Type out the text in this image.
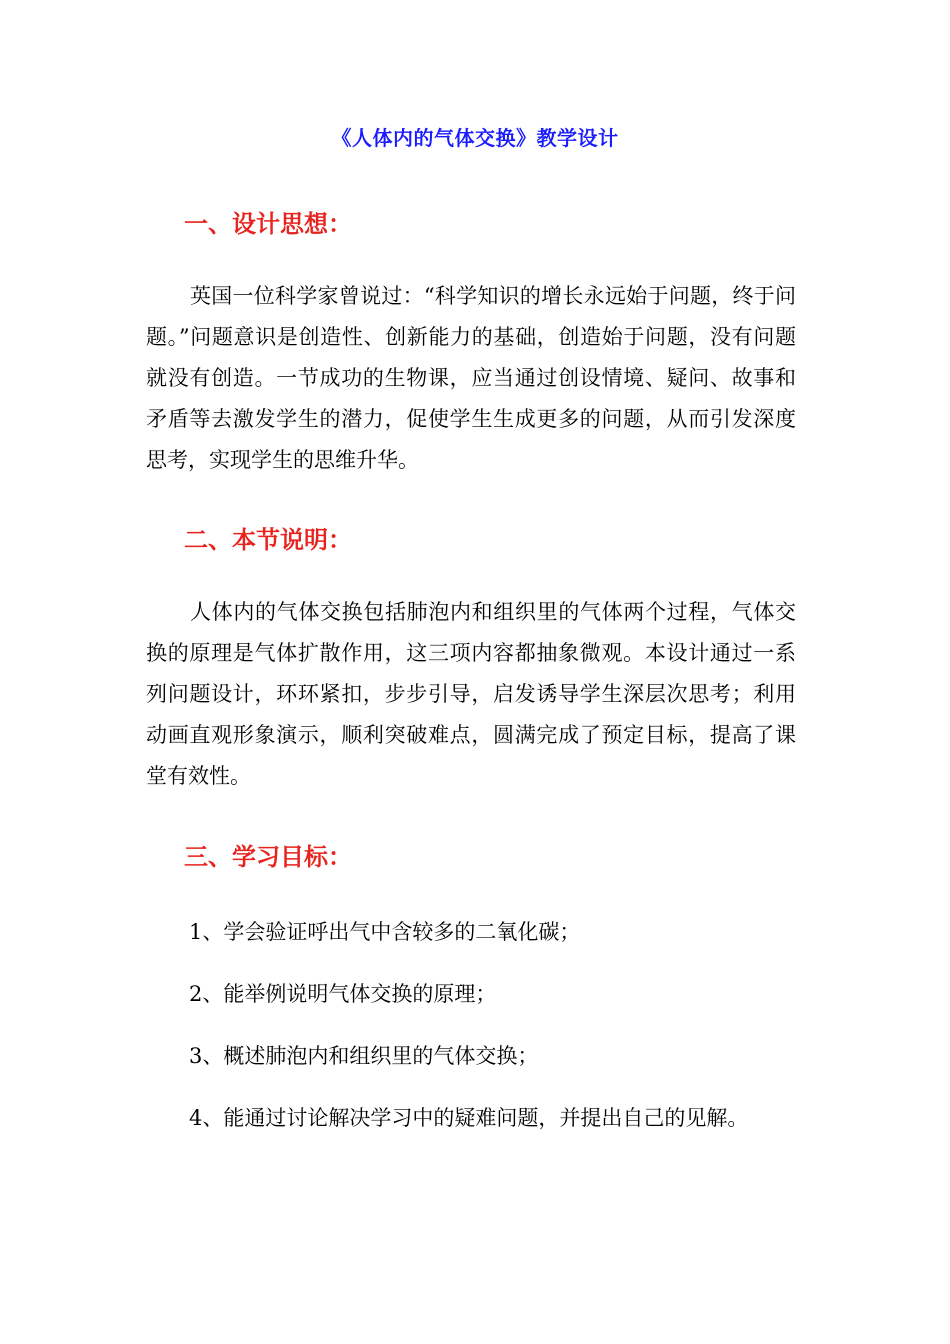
《人体内的气体交换》教学设计
一、设计思想：
英国一位科学家曾说过：“科学知识的增长永远始于问题，终于问题。”问题意识是创造性、创新能力的基础，创造始于问题，没有问题就没有创造。一节成功的生物课，应当通过创设情境、疑问、故事和矛盾等去激发学生的潜力，促使学生生成更多的问题，从而引发深度思考，实现学生的思维升华。
二、本节说明：
人体内的气体交换包括肺泡内和组织里的气体两个过程，气体交换的原理是气体扩散作用，这三项内容都抽象微观。本设计通过一系列问题设计，环环紧扣，步步引导，启发诱导学生深层次思考；利用动画直观形象演示，顺利突破难点，圆满完成了预定目标，提高了课堂有效性。
三、学习目标：
1、学会验证呼出气中含较多的二氧化碳；
2、能举例说明气体交换的原理；
3、概述肺泡内和组织里的气体交换；
4、能通过讨论解决学习中的疑难问题，并提出自己的见解。
